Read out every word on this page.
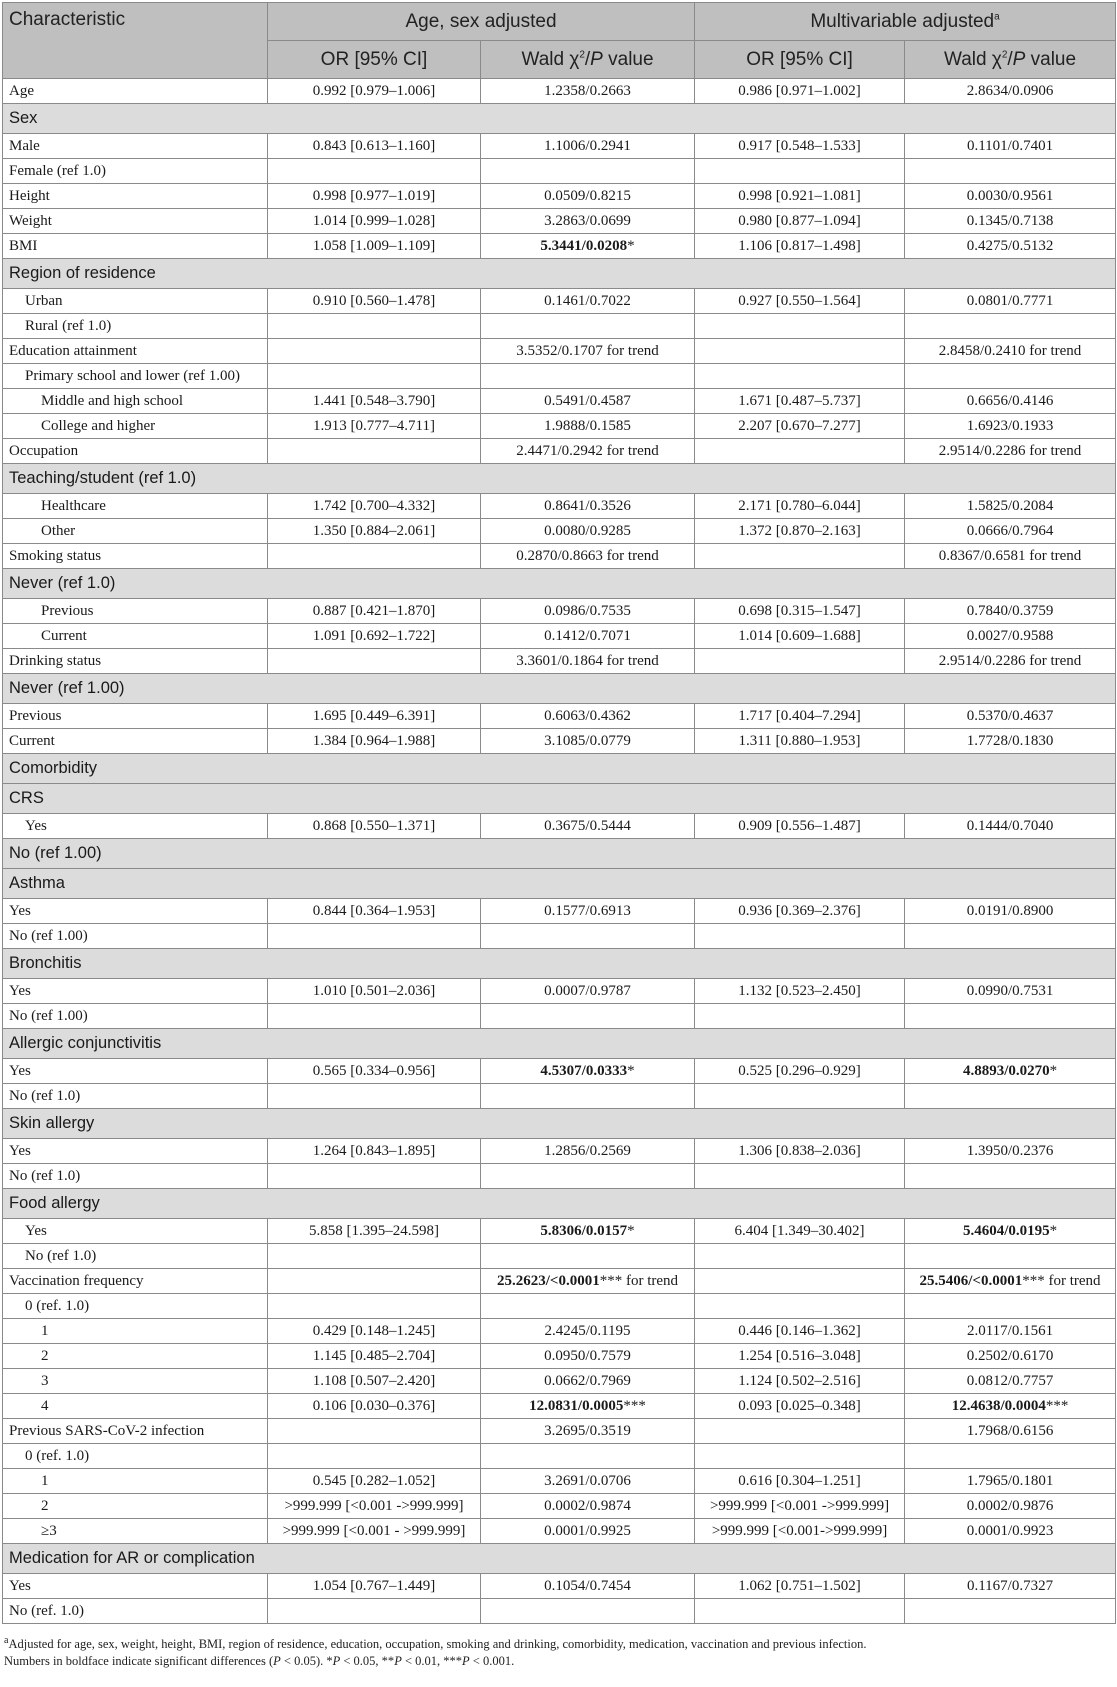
Characteristic	Age, sex adjusted		Multivariable adjusted$^a$
	OR [95% CI]	Wald $\chi^2/P$ value	OR [95% CI]	Wald $\chi^2/P$ value
Age	0.992 [0.979–1.006]	1.2358/0.2663	0.986 [0.971–1.002]	2.8634/0.0906
Sex				
Male	0.843 [0.613–1.160]	1.1006/0.2941	0.917 [0.548–1.533]	0.1101/0.7401
Female (ref 1.0)				
Height	0.998 [0.977–1.019]	0.0509/0.8215	0.998 [0.921–1.081]	0.0030/0.9561
Weight	1.014 [0.999–1.028]	3.2863/0.0699	0.980 [0.877–1.094]	0.1345/0.7138
BMI	1.058 [1.009–1.109]	5.3441/0.0208*	1.106 [0.817–1.498]	0.4275/0.5132
Region of residence				
Urban	0.910 [0.560–1.478]	0.1461/0.7022	0.927 [0.550–1.564]	0.0801/0.7771
Rural (ref 1.0)				
Education attainment		3.5352/0.1707 for trend		2.8458/0.2410 for trend
Primary school and lower (ref 1.00)				
Middle and high school	1.441 [0.548–3.790]	0.5491/0.4587	1.671 [0.487–5.737]	0.6656/0.4146
College and higher	1.913 [0.777–4.711]	1.9888/0.1585	2.207 [0.670–7.277]	1.6923/0.1933
Occupation		2.4471/0.2942 for trend		2.9514/0.2286 for trend
Teaching/student (ref 1.0)				
Healthcare	1.742 [0.700–4.332]	0.8641/0.3526	2.171 [0.780–6.044]	1.5825/0.2084
Other	1.350 [0.884–2.061]	0.0080/0.9285	1.372 [0.870–2.163]	0.0666/0.7964
Smoking status		0.2870/0.8663 for trend		0.8367/0.6581 for trend
Never (ref 1.0)				
Previous	0.887 [0.421–1.870]	0.0986/0.7535	0.698 [0.315–1.547]	0.7840/0.3759
Current	1.091 [0.692–1.722]	0.1412/0.7071	1.014 [0.609–1.688]	0.0027/0.9588
Drinking status		3.3601/0.1864 for trend		2.9514/0.2286 for trend
Never (ref 1.00)				
Previous	1.695 [0.449–6.391]	0.6063/0.4362	1.717 [0.404–7.294]	0.5370/0.4637
Current	1.384 [0.964–1.988]	3.1085/0.0779	1.311 [0.880–1.953]	1.7728/0.1830
Comorbidity				
CRS				
Yes	0.868 [0.550–1.371]	0.3675/0.5444	0.909 [0.556–1.487]	0.1444/0.7040
No (ref 1.00)				
Asthma				
Yes	0.844 [0.364–1.953]	0.1577/0.6913	0.936 [0.369–2.376]	0.0191/0.8900
No (ref 1.00)				
Bronchitis				
Yes	1.010 [0.501–2.036]	0.0007/0.9787	1.132 [0.523–2.450]	0.0990/0.7531
No (ref 1.00)				
Allergic conjunctivitis				
Yes	0.565 [0.334–0.956]	4.5307/0.0333*	0.525 [0.296–0.929]	4.8893/0.0270*
No (ref 1.0)				
Skin allergy				
Yes	1.264 [0.843–1.895]	1.2856/0.2569	1.306 [0.838–2.036]	1.3950/0.2376
No (ref 1.0)				
Food allergy				
Yes	5.858 [1.395–24.598]	5.8306/0.0157*	6.404 [1.349–30.402]	5.4604/0.0195*
No (ref 1.0)				
Vaccination frequency		25.2623/<0.0001*** for trend		25.5406/<0.0001*** for trend
0 (ref. 1.0)				
1	0.429 [0.148–1.245]	2.4245/0.1195	0.446 [0.146–1.362]	2.0117/0.1561
2	1.145 [0.485–2.704]	0.0950/0.7579	1.254 [0.516–3.048]	0.2502/0.6170
3	1.108 [0.507–2.420]	0.0662/0.7969	1.124 [0.502–2.516]	0.0812/0.7757
4	0.106 [0.030–0.376]	12.0831/0.0005***	0.093 [0.025–0.348]	12.4638/0.0004***
Previous SARS-CoV-2 infection		3.2695/0.3519		1.7968/0.6156
0 (ref. 1.0)				
1	0.545 [0.282–1.052]	3.2691/0.0706	0.616 [0.304–1.251]	1.7965/0.1801
2	>999.999 [<0.001 ->999.999]	0.0002/0.9874	>999.999 [<0.001 ->999.999]	0.0002/0.9876
≥3	>999.999 [<0.001 - >999.999]	0.0001/0.9925	>999.999 [<0.001->999.999]	0.0001/0.9923
Medication for AR or complication				
Yes	1.054 [0.767–1.449]	0.1054/0.7454	1.062 [0.751–1.502]	0.1167/0.7327
No (ref. 1.0)				
$^a$Adjusted for age, sex, weight, height, BMI, region of residence, education, occupation, smoking and drinking, comorbidity, medication, vaccination and previous infection.
Numbers in boldface indicate significant differences (P < 0.05). *P < 0.05, **P < 0.01, ***P < 0.001.
